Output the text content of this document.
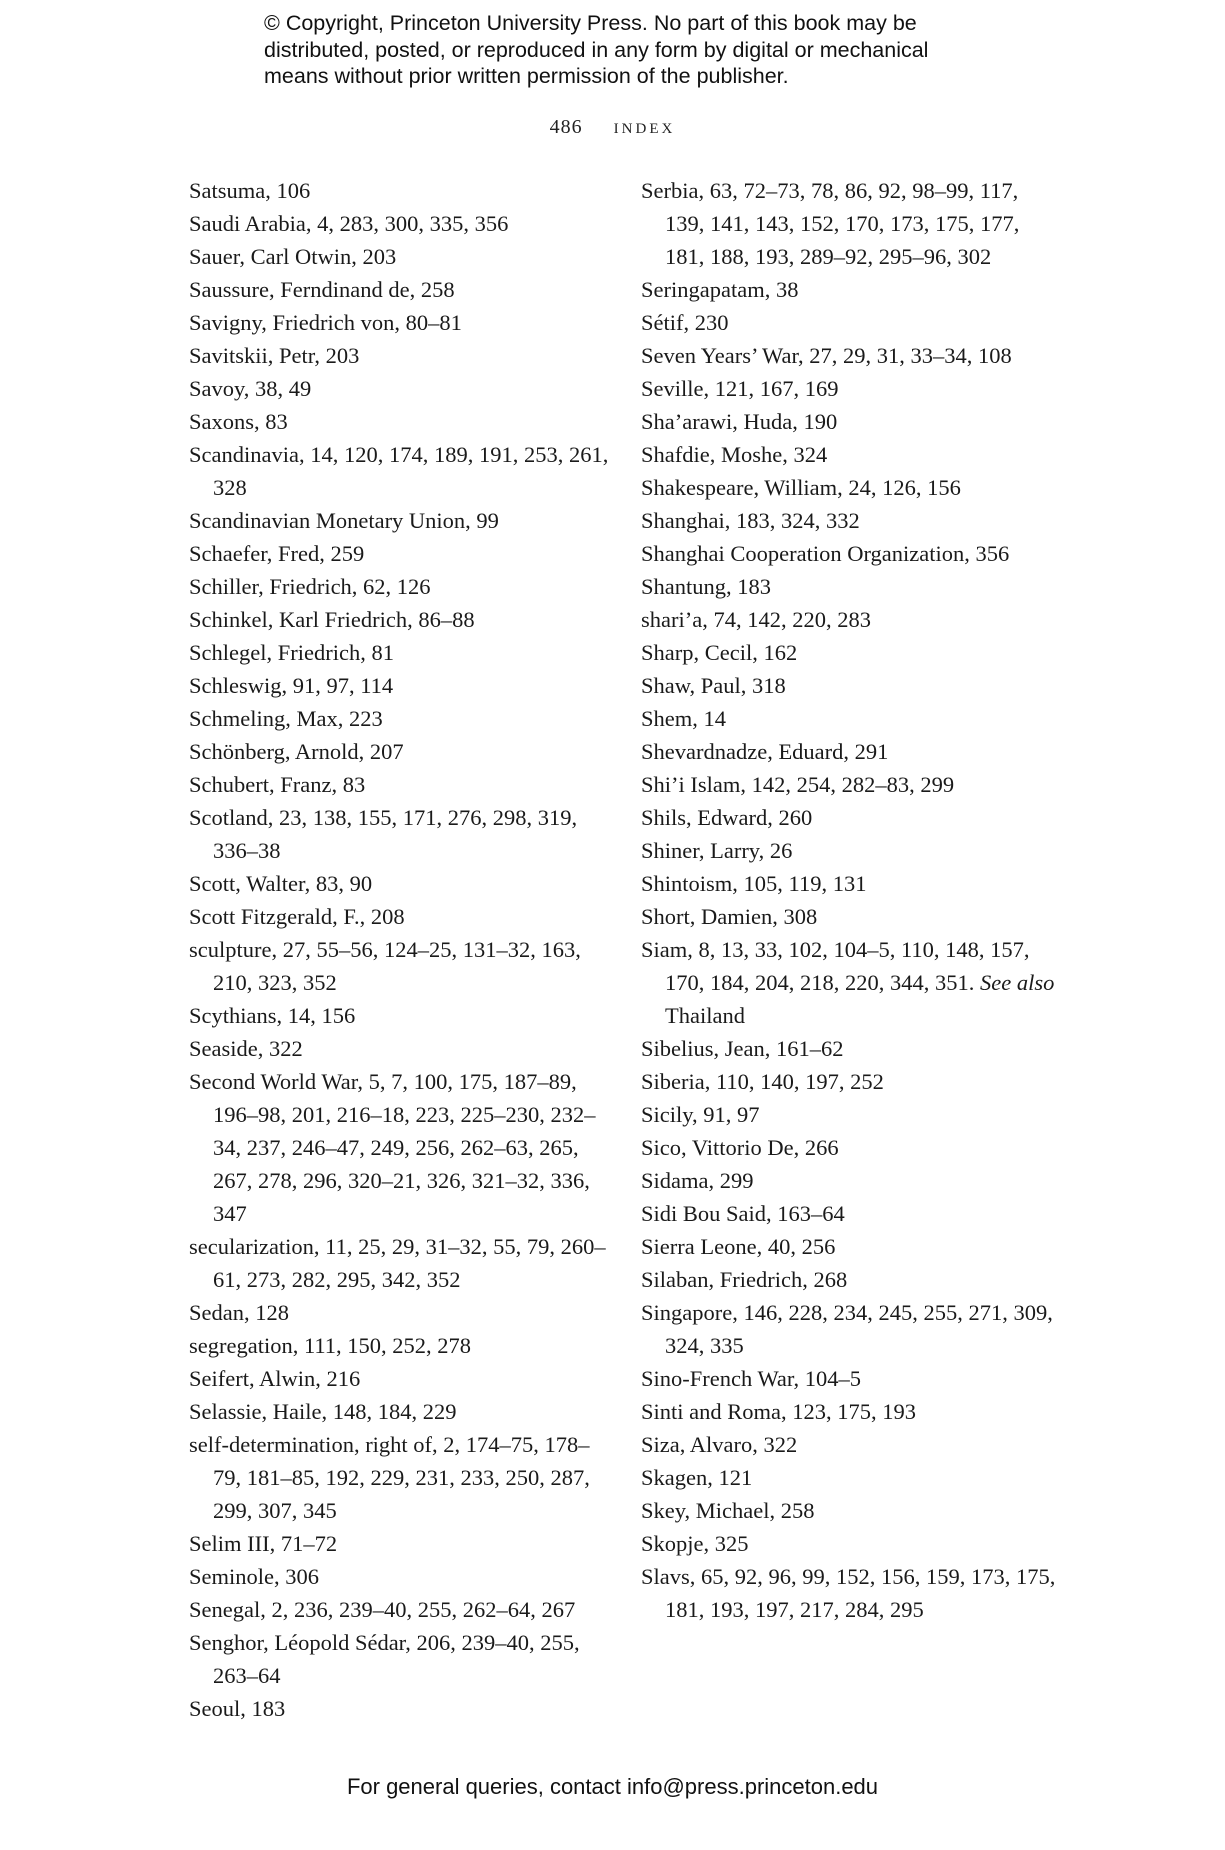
© Copyright, Princeton University Press. No part of this book may be
distributed, posted, or reproduced in any form by digital or mechanical
means without prior written permission of the publisher.
486 index

Satsuma, 106

Saudi Arabia, 4, 283, 300, 335, 356

Sauer, Carl Otwin, 203

Saussure, Ferndinand de, 258

Savigny, Friedrich von, 80–81

Savitskii, Petr, 203

Savoy, 38, 49

Saxons, 83

Scandinavia, 14, 120, 174, 189, 191, 253, 261, 328

Scandinavian Monetary Union, 99

Schaefer, Fred, 259

Schiller, Friedrich, 62, 126

Schinkel, Karl Friedrich, 86–88

Schlegel, Friedrich, 81

Schleswig, 91, 97, 114

Schmeling, Max, 223

Schönberg, Arnold, 207

Schubert, Franz, 83

Scotland, 23, 138, 155, 171, 276, 298, 319, 336–38

Scott, Walter, 83, 90

Scott Fitzgerald, F., 208

sculpture, 27, 55–56, 124–25, 131–32, 163, 210, 323, 352

Scythians, 14, 156

Seaside, 322

Second World War, 5, 7, 100, 175, 187–89, 196–98, 201, 216–18, 223, 225–230, 232–34, 237, 246–47, 249, 256, 262–63, 265, 267, 278, 296, 320–21, 326, 321–32, 336, 347

secularization, 11, 25, 29, 31–32, 55, 79, 260–61, 273, 282, 295, 342, 352

Sedan, 128

segregation, 111, 150, 252, 278

Seifert, Alwin, 216

Selassie, Haile, 148, 184, 229

self-determination, right of, 2, 174–75, 178–79, 181–85, 192, 229, 231, 233, 250, 287, 299, 307, 345

Selim III, 71–72

Seminole, 306

Senegal, 2, 236, 239–40, 255, 262–64, 267

Senghor, Léopold Sédar, 206, 239–40, 255, 263–64

Seoul, 183

Serbia, 63, 72–73, 78, 86, 92, 98–99, 117, 139, 141, 143, 152, 170, 173, 175, 177, 181, 188, 193, 289–92, 295–96, 302

Seringapatam, 38

Sétif, 230

Seven Years’ War, 27, 29, 31, 33–34, 108

Seville, 121, 167, 169

Sha’arawi, Huda, 190

Shafdie, Moshe, 324

Shakespeare, William, 24, 126, 156

Shanghai, 183, 324, 332

Shanghai Cooperation Organization, 356

Shantung, 183

shari’a, 74, 142, 220, 283

Sharp, Cecil, 162

Shaw, Paul, 318

Shem, 14

Shevardnadze, Eduard, 291

Shi’i Islam, 142, 254, 282–83, 299

Shils, Edward, 260

Shiner, Larry, 26

Shintoism, 105, 119, 131

Short, Damien, 308

Siam, 8, 13, 33, 102, 104–5, 110, 148, 157, 170, 184, 204, 218, 220, 344, 351. See also Thailand

Sibelius, Jean, 161–62

Siberia, 110, 140, 197, 252

Sicily, 91, 97

Sico, Vittorio De, 266

Sidama, 299

Sidi Bou Said, 163–64

Sierra Leone, 40, 256

Silaban, Friedrich, 268

Singapore, 146, 228, 234, 245, 255, 271, 309, 324, 335

Sino-French War, 104–5

Sinti and Roma, 123, 175, 193

Siza, Alvaro, 322

Skagen, 121

Skey, Michael, 258

Skopje, 325

Slavs, 65, 92, 96, 99, 152, 156, 159, 173, 175, 181, 193, 197, 217, 284, 295

For general queries, contact info@press.princeton.edu
